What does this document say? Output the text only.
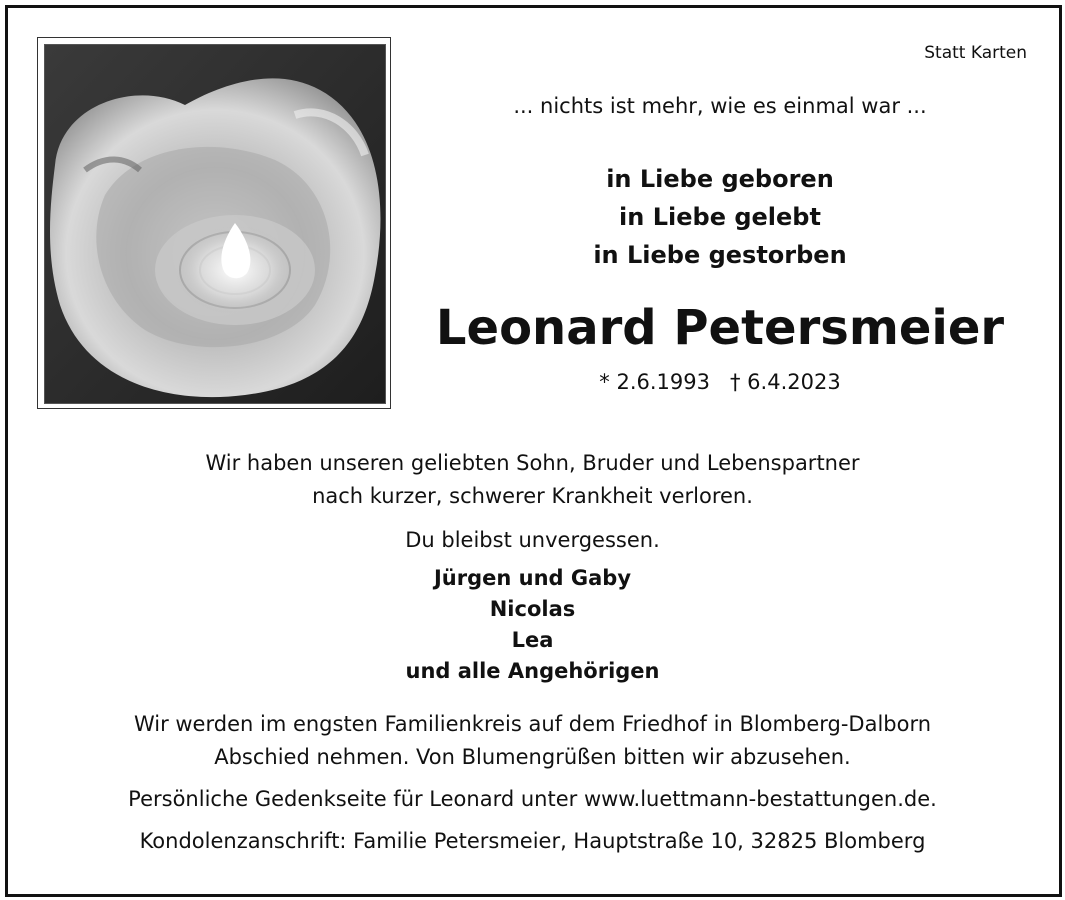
Statt Karten
... nichts ist mehr, wie es einmal war ...
in Liebe geboren
in Liebe gelebt
in Liebe gestorben
Leonard Petersmeier
* 2.6.1993   † 6.4.2023
Wir haben unseren geliebten Sohn, Bruder und Lebenspartner
nach kurzer, schwerer Krankheit verloren.
Du bleibst unvergessen.
Jürgen und Gaby
Nicolas
Lea
und alle Angehörigen
Wir werden im engsten Familienkreis auf dem Friedhof in Blomberg-Dalborn
Abschied nehmen. Von Blumengrüßen bitten wir abzusehen.
Persönliche Gedenkseite für Leonard unter www.luettmann-bestattungen.de.
Kondolenzanschrift: Familie Petersmeier, Hauptstraße 10, 32825 Blomberg
